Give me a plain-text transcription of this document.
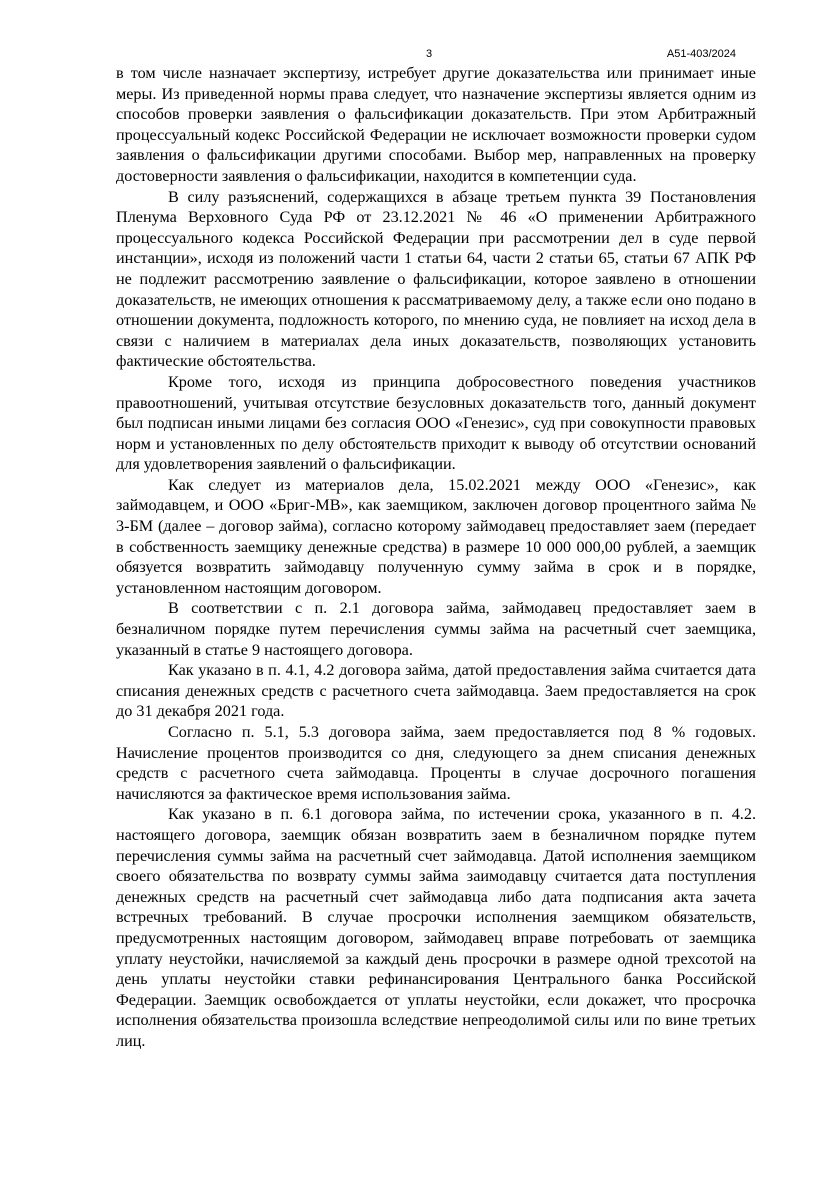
3	А51-403/2024

в том числе назначает экспертизу, истребует другие доказательства или принимает иные меры. Из приведенной нормы права следует, что назначение экспертизы является одним из способов проверки заявления о фальсификации доказательств. При этом Арбитражный процессуальный кодекс Российской Федерации не исключает возможности проверки судом заявления о фальсификации другими способами. Выбор мер, направленных на проверку достоверности заявления о фальсификации, находится в компетенции суда.

В силу разъяснений, содержащихся в абзаце третьем пункта 39 Постановления Пленума Верховного Суда РФ от 23.12.2021 № 46 «О применении Арбитражного процессуального кодекса Российской Федерации при рассмотрении дел в суде первой инстанции», исходя из положений части 1 статьи 64, части 2 статьи 65, статьи 67 АПК РФ не подлежит рассмотрению заявление о фальсификации, которое заявлено в отношении доказательств, не имеющих отношения к рассматриваемому делу, а также если оно подано в отношении документа, подложность которого, по мнению суда, не повлияет на исход дела в связи с наличием в материалах дела иных доказательств, позволяющих установить фактические обстоятельства.

Кроме того, исходя из принципа добросовестного поведения участников правоотношений, учитывая отсутствие безусловных доказательств того, данный документ был подписан иными лицами без согласия ООО «Генезис», суд при совокупности правовых норм и установленных по делу обстоятельств приходит к выводу об отсутствии оснований для удовлетворения заявлений о фальсификации.

Как следует из материалов дела, 15.02.2021 между ООО «Генезис», как займодавцем, и ООО «Бриг-МВ», как заемщиком, заключен договор процентного займа № 3-БМ (далее – договор займа), согласно которому займодавец предоставляет заем (передает в собственность заемщику денежные средства) в размере 10 000 000,00 рублей, а заемщик обязуется возвратить займодавцу полученную сумму займа в срок и в порядке, установленном настоящим договором.

В соответствии с п. 2.1 договора займа, займодавец предоставляет заем в безналичном порядке путем перечисления суммы займа на расчетный счет заемщика, указанный в статье 9 настоящего договора.

Как указано в п. 4.1, 4.2 договора займа, датой предоставления займа считается дата списания денежных средств с расчетного счета займодавца. Заем предоставляется на срок до 31 декабря 2021 года.

Согласно п. 5.1, 5.3 договора займа, заем предоставляется под 8 % годовых. Начисление процентов производится со дня, следующего за днем списания денежных средств с расчетного счета займодавца. Проценты в случае досрочного погашения начисляются за фактическое время использования займа.

Как указано в п. 6.1 договора займа, по истечении срока, указанного в п. 4.2. настоящего договора, заемщик обязан возвратить заем в безналичном порядке путем перечисления суммы займа на расчетный счет займодавца. Датой исполнения заемщиком своего обязательства по возврату суммы займа заимодавцу считается дата поступления денежных средств на расчетный счет займодавца либо дата подписания акта зачета встречных требований. В случае просрочки исполнения заемщиком обязательств, предусмотренных настоящим договором, займодавец вправе потребовать от заемщика уплату неустойки, начисляемой за каждый день просрочки в размере одной трехсотой на день уплаты неустойки ставки рефинансирования Центрального банка Российской Федерации. Заемщик освобождается от уплаты неустойки, если докажет, что просрочка исполнения обязательства произошла вследствие непреодолимой силы или по вине третьих лиц.
